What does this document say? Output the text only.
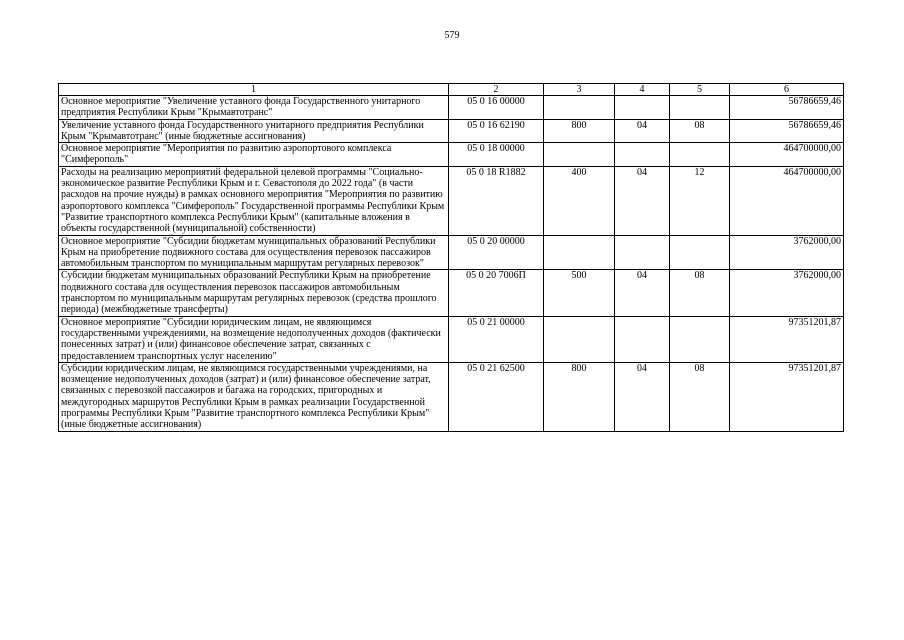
579
1	2	3	4	5	6
Основное мероприятие "Увеличение уставного фонда Государственного унитарного предприятия Республики Крым "Крымавтотранс"	05 0 16 00000				56786659,46
Увеличение уставного фонда Государственного унитарного предприятия Республики Крым "Крымавтотранс" (иные бюджетные ассигнования)	05 0 16 62190	800	04	08	56786659,46
Основное мероприятие "Мероприятия по развитию аэропортового комплекса "Симферополь"	05 0 18 00000				464700000,00
Расходы на реализацию мероприятий федеральной целевой программы "Социально-экономическое развитие Республики Крым и г. Севастополя до 2022 года" (в части расходов на прочие нужды) в рамках основного мероприятия "Мероприятия по развитию аэропортового комплекса "Симферополь" Государственной программы Республики Крым "Развитие транспортного комплекса Республики Крым" (капитальные вложения в объекты государственной (муниципальной) собственности)	05 0 18 R1882	400	04	12	464700000,00
Основное мероприятие "Субсидии бюджетам муниципальных образований Республики Крым на приобретение подвижного состава для осуществления перевозок пассажиров автомобильным транспортом по муниципальным маршрутам регулярных перевозок"	05 0 20 00000				3762000,00
Субсидии бюджетам муниципальных образований Республики Крым на приобретение подвижного состава для осуществления перевозок пассажиров автомобильным транспортом по муниципальным маршрутам регулярных перевозок (средства прошлого периода) (межбюджетные трансферты)	05 0 20 7006П	500	04	08	3762000,00
Основное мероприятие "Субсидии юридическим лицам, не являющимся государственными учреждениями, на возмещение недополученных доходов (фактически понесенных затрат) и (или) финансовое обеспечение затрат, связанных с предоставлением транспортных услуг населению"	05 0 21 00000				97351201,87
Субсидии юридическим лицам, не являющимся государственными учреждениями, на возмещение недополученных доходов (затрат) и (или) финансовое обеспечение затрат, связанных с перевозкой пассажиров и багажа на городских, пригородных и междугородных маршрутов Республики Крым в рамках реализации Государственной программы Республики Крым "Развитие транспортного комплекса Республики Крым" (иные бюджетные ассигнования)	05 0 21 62500	800	04	08	97351201,87
